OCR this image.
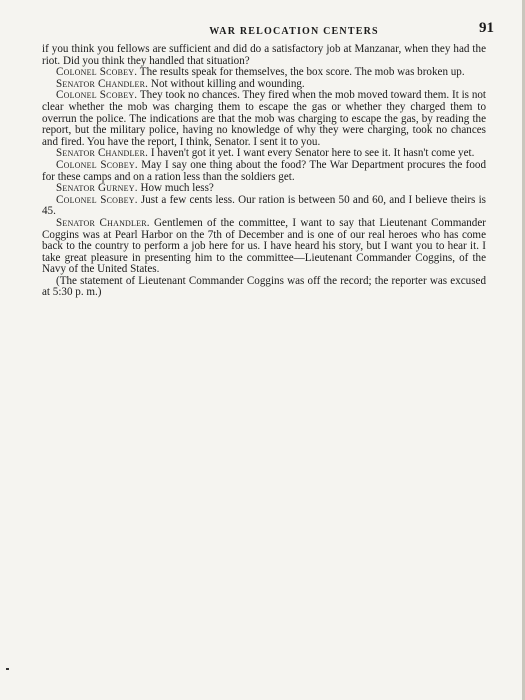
WAR RELOCATION CENTERS	91

if you think you fellows are sufficient and did do a satisfactory job at Manzanar, when they had the riot. Did you think they handled that situation?

Colonel Scobey. The results speak for themselves, the box score. The mob was broken up.

Senator Chandler. Not without killing and wounding.

Colonel Scobey. They took no chances. They fired when the mob moved toward them. It is not clear whether the mob was charging them to escape the gas or whether they charged them to overrun the police. The indications are that the mob was charging to escape the gas, by reading the report, but the military police, having no knowledge of why they were charging, took no chances and fired. You have the report, I think, Senator. I sent it to you.

Senator Chandler. I haven't got it yet. I want every Senator here to see it. It hasn't come yet.

Colonel Scobey. May I say one thing about the food? The War Department procures the food for these camps and on a ration less than the soldiers get.

Senator Gurney. How much less?

Colonel Scobey. Just a few cents less. Our ration is between 50 and 60, and I believe theirs is 45.

Senator Chandler. Gentlemen of the committee, I want to say that Lieutenant Commander Coggins was at Pearl Harbor on the 7th of December and is one of our real heroes who has come back to the country to perform a job here for us. I have heard his story, but I want you to hear it. I take great pleasure in presenting him to the committee—Lieutenant Commander Coggins, of the Navy of the United States.

(The statement of Lieutenant Commander Coggins was off the record; the reporter was excused at 5:30 p. m.)
